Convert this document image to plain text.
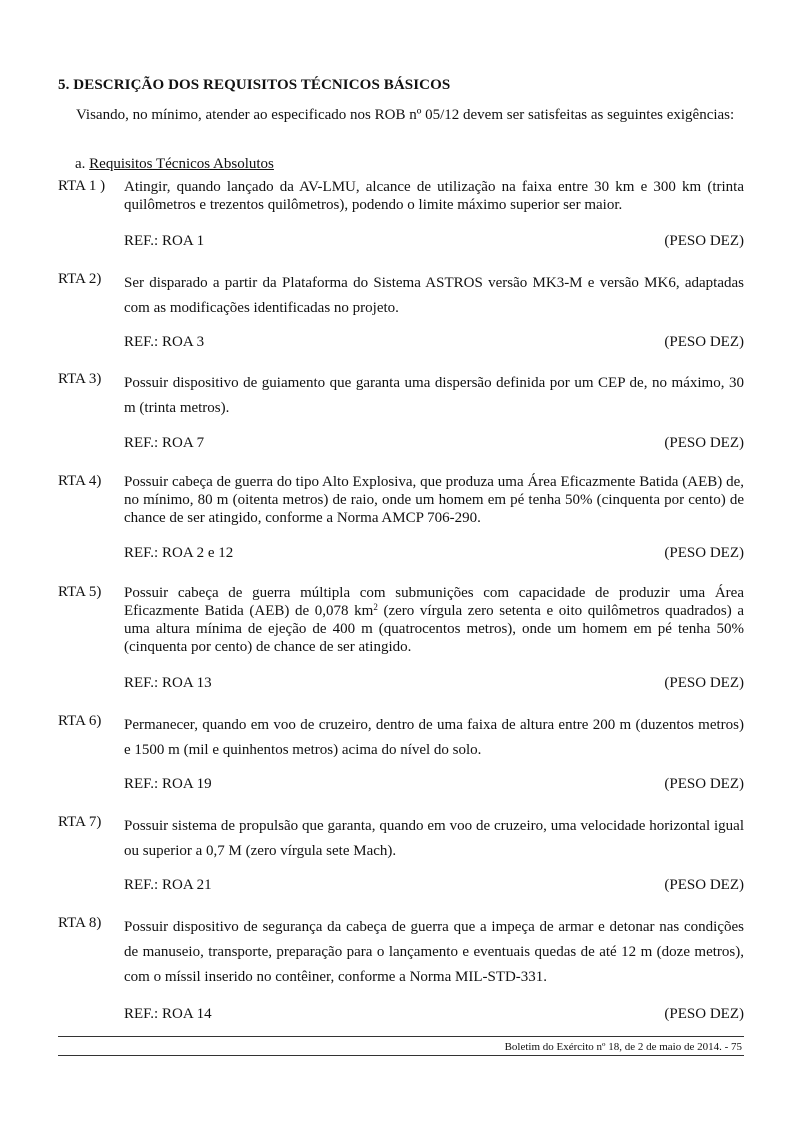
5. DESCRIÇÃO DOS REQUISITOS TÉCNICOS BÁSICOS
Visando, no mínimo, atender ao especificado nos ROB nº 05/12 devem ser satisfeitas as seguintes exigências:
a. Requisitos Técnicos Absolutos
RTA 1 )	Atingir, quando lançado da AV-LMU, alcance de utilização na faixa entre 30 km e 300 km (trinta quilômetros e trezentos quilômetros), podendo o limite máximo superior ser maior.
REF.: ROA 1	(PESO DEZ)
RTA 2)	Ser disparado a partir da Plataforma do Sistema ASTROS versão MK3-M e versão MK6, adaptadas com as modificações identificadas no projeto.
REF.: ROA 3	(PESO DEZ)
RTA 3)	Possuir dispositivo de guiamento que garanta uma dispersão definida por um CEP de, no máximo, 30 m (trinta metros).
REF.: ROA 7	(PESO DEZ)
RTA 4)	Possuir cabeça de guerra do tipo Alto Explosiva, que produza uma Área Eficazmente Batida (AEB) de, no mínimo, 80 m (oitenta metros) de raio, onde um homem em pé tenha 50% (cinquenta por cento) de chance de ser atingido, conforme a Norma AMCP 706-290.
REF.: ROA 2 e 12	(PESO DEZ)
RTA 5)	Possuir cabeça de guerra múltipla com submunições com capacidade de produzir uma Área Eficazmente Batida (AEB) de 0,078 $km^2$ (zero vírgula zero setenta e oito quilômetros quadrados) a uma altura mínima de ejeção de 400 m (quatrocentos metros), onde um homem em pé tenha 50% (cinquenta por cento) de chance de ser atingido.
REF.: ROA 13	(PESO DEZ)
RTA 6)	Permanecer, quando em voo de cruzeiro, dentro de uma faixa de altura entre 200 m (duzentos metros) e 1500 m (mil e quinhentos metros) acima do nível do solo.
REF.: ROA 19	(PESO DEZ)
RTA 7)	Possuir sistema de propulsão que garanta, quando em voo de cruzeiro, uma velocidade horizontal igual ou superior a 0,7 M (zero vírgula sete Mach).
REF.: ROA 21	(PESO DEZ)
RTA 8)	Possuir dispositivo de segurança da cabeça de guerra que a impeça de armar e detonar nas condições de manuseio, transporte, preparação para o lançamento e eventuais quedas de até 12 m (doze metros), com o míssil inserido no contêiner, conforme a Norma MIL-STD-331.
REF.: ROA 14	(PESO DEZ)
Boletim do Exército nº 18, de 2 de maio de 2014. - 75
